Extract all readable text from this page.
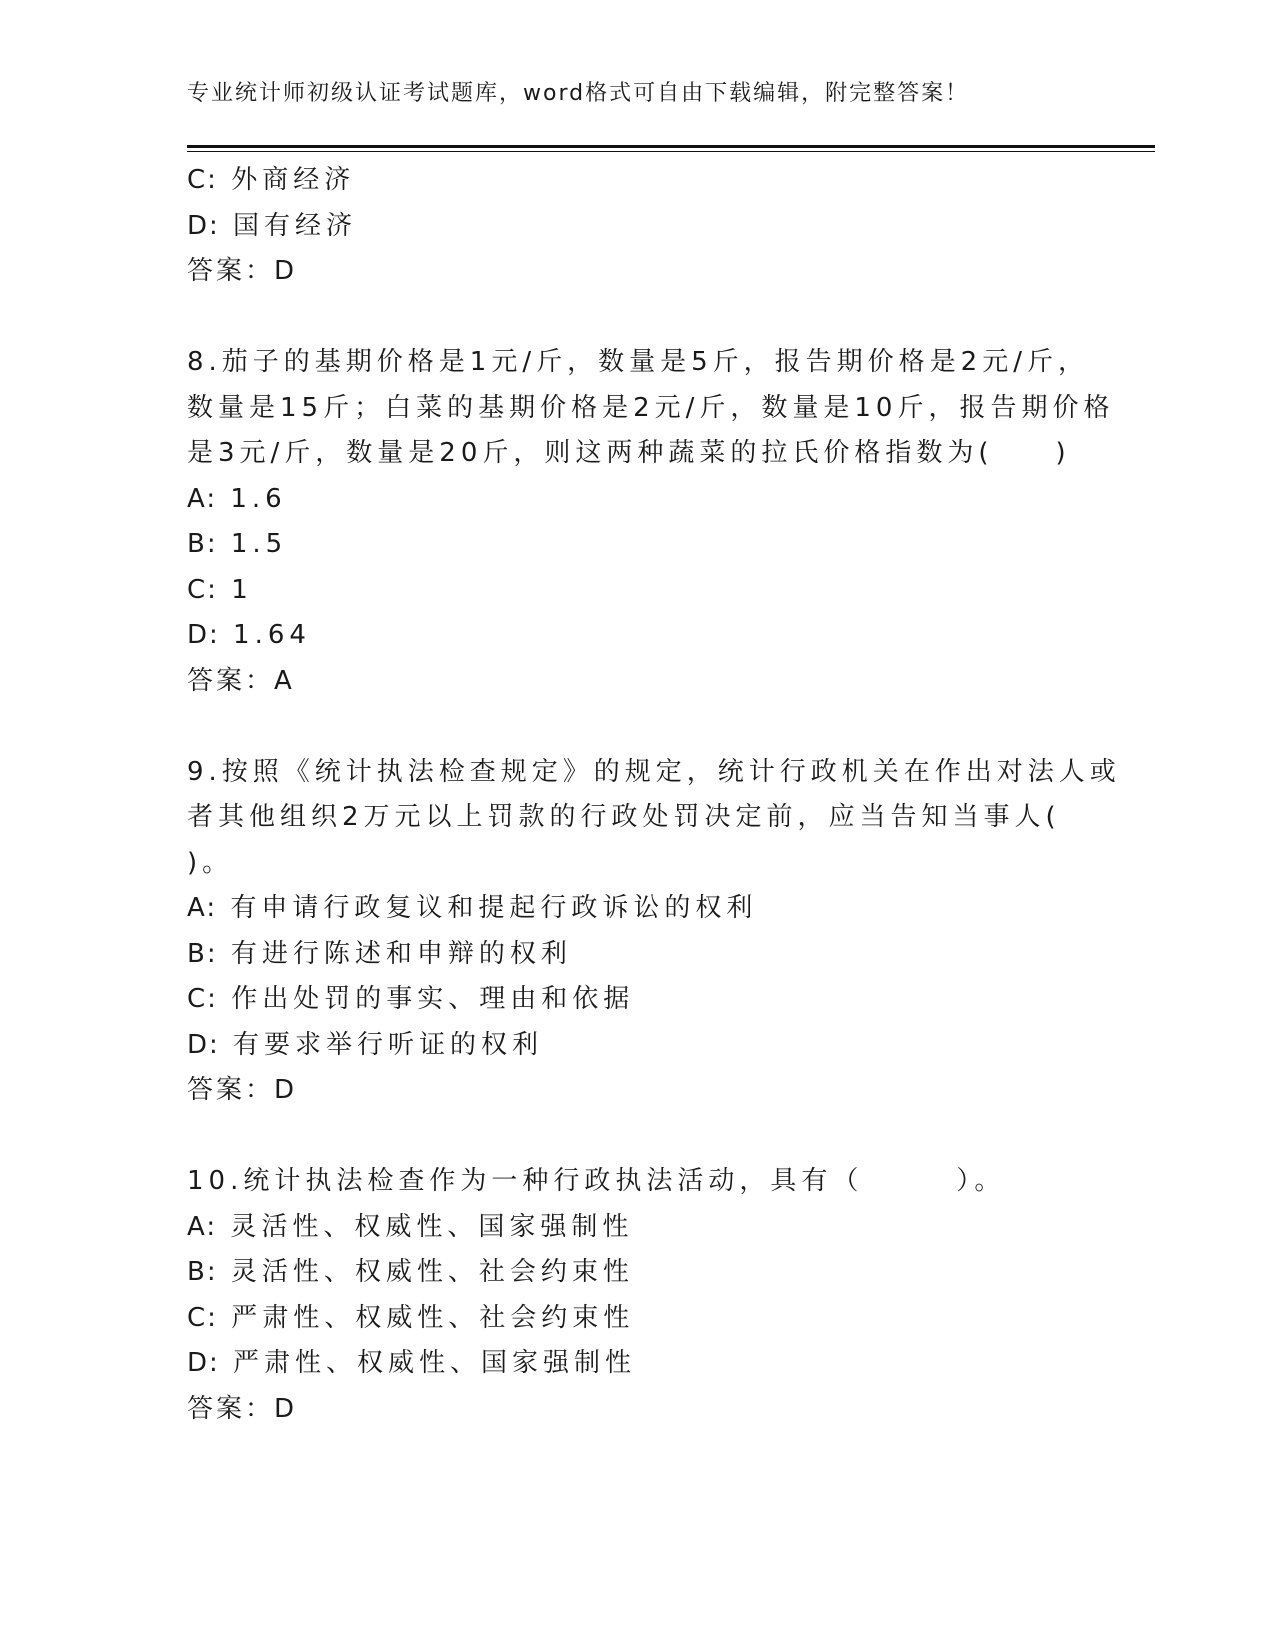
专业统计师初级认证考试题库，word格式可自由下载编辑，附完整答案！
C: 外商经济
D: 国有经济
答案：D
8.茄子的基期价格是1元/斤，数量是5斤，报告期价格是2元/斤，
数量是15斤；白菜的基期价格是2元/斤，数量是10斤，报告期价格
是3元/斤，数量是20斤，则这两种蔬菜的拉氏价格指数为(　　)
A: 1.6
B: 1.5
C: 1
D: 1.64
答案：A
9.按照《统计执法检查规定》的规定，统计行政机关在作出对法人或
者其他组织2万元以上罚款的行政处罚决定前，应当告知当事人(
)。
A: 有申请行政复议和提起行政诉讼的权利
B: 有进行陈述和申辩的权利
C: 作出处罚的事实、理由和依据
D: 有要求举行听证的权利
答案：D
10.统计执法检查作为一种行政执法活动，具有（　　　）。
A: 灵活性、权威性、国家强制性
B: 灵活性、权威性、社会约束性
C: 严肃性、权威性、社会约束性
D: 严肃性、权威性、国家强制性
答案：D
